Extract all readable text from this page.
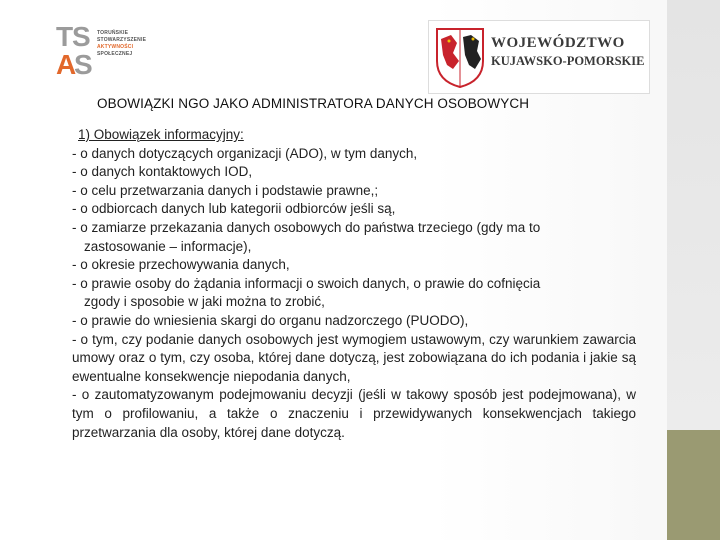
T
S
A
S
TORUŃSKIE
STOWARZYSZENIE
AKTYWNOŚCI
SPOŁECZNEJ
WOJEWÓDZTWO
KUJAWSKO-POMORSKIE
OBOWIĄZKI NGO JAKO ADMINISTRATORA DANYCH OSOBOWYCH
1) Obowiązek informacyjny:
- o danych dotyczących organizacji (ADO), w tym danych,
- o danych kontaktowych IOD,
- o celu przetwarzania danych i podstawie prawne,;
- o odbiorcach danych lub kategorii odbiorców jeśli są,
- o zamiarze przekazania danych osobowych do państwa trzeciego (gdy ma to
zastosowanie – informacje),
- o okresie przechowywania danych,
- o prawie osoby do żądania informacji o swoich danych, o prawie do cofnięcia
zgody i sposobie w jaki można to zrobić,
- o prawie do wniesienia skargi do organu nadzorczego (PUODO),
- o tym, czy podanie danych osobowych jest wymogiem ustawowym, czy warunkiem zawarcia umowy oraz o tym, czy osoba, której dane dotyczą, jest zobowiązana do ich podania i jakie są ewentualne konsekwencje niepodania danych,
- o zautomatyzowanym podejmowaniu decyzji (jeśli w takowy sposób jest podejmowana), w tym o profilowaniu, a także o znaczeniu i przewidywanych konsekwencjach takiego przetwarzania dla osoby, której dane dotyczą.
